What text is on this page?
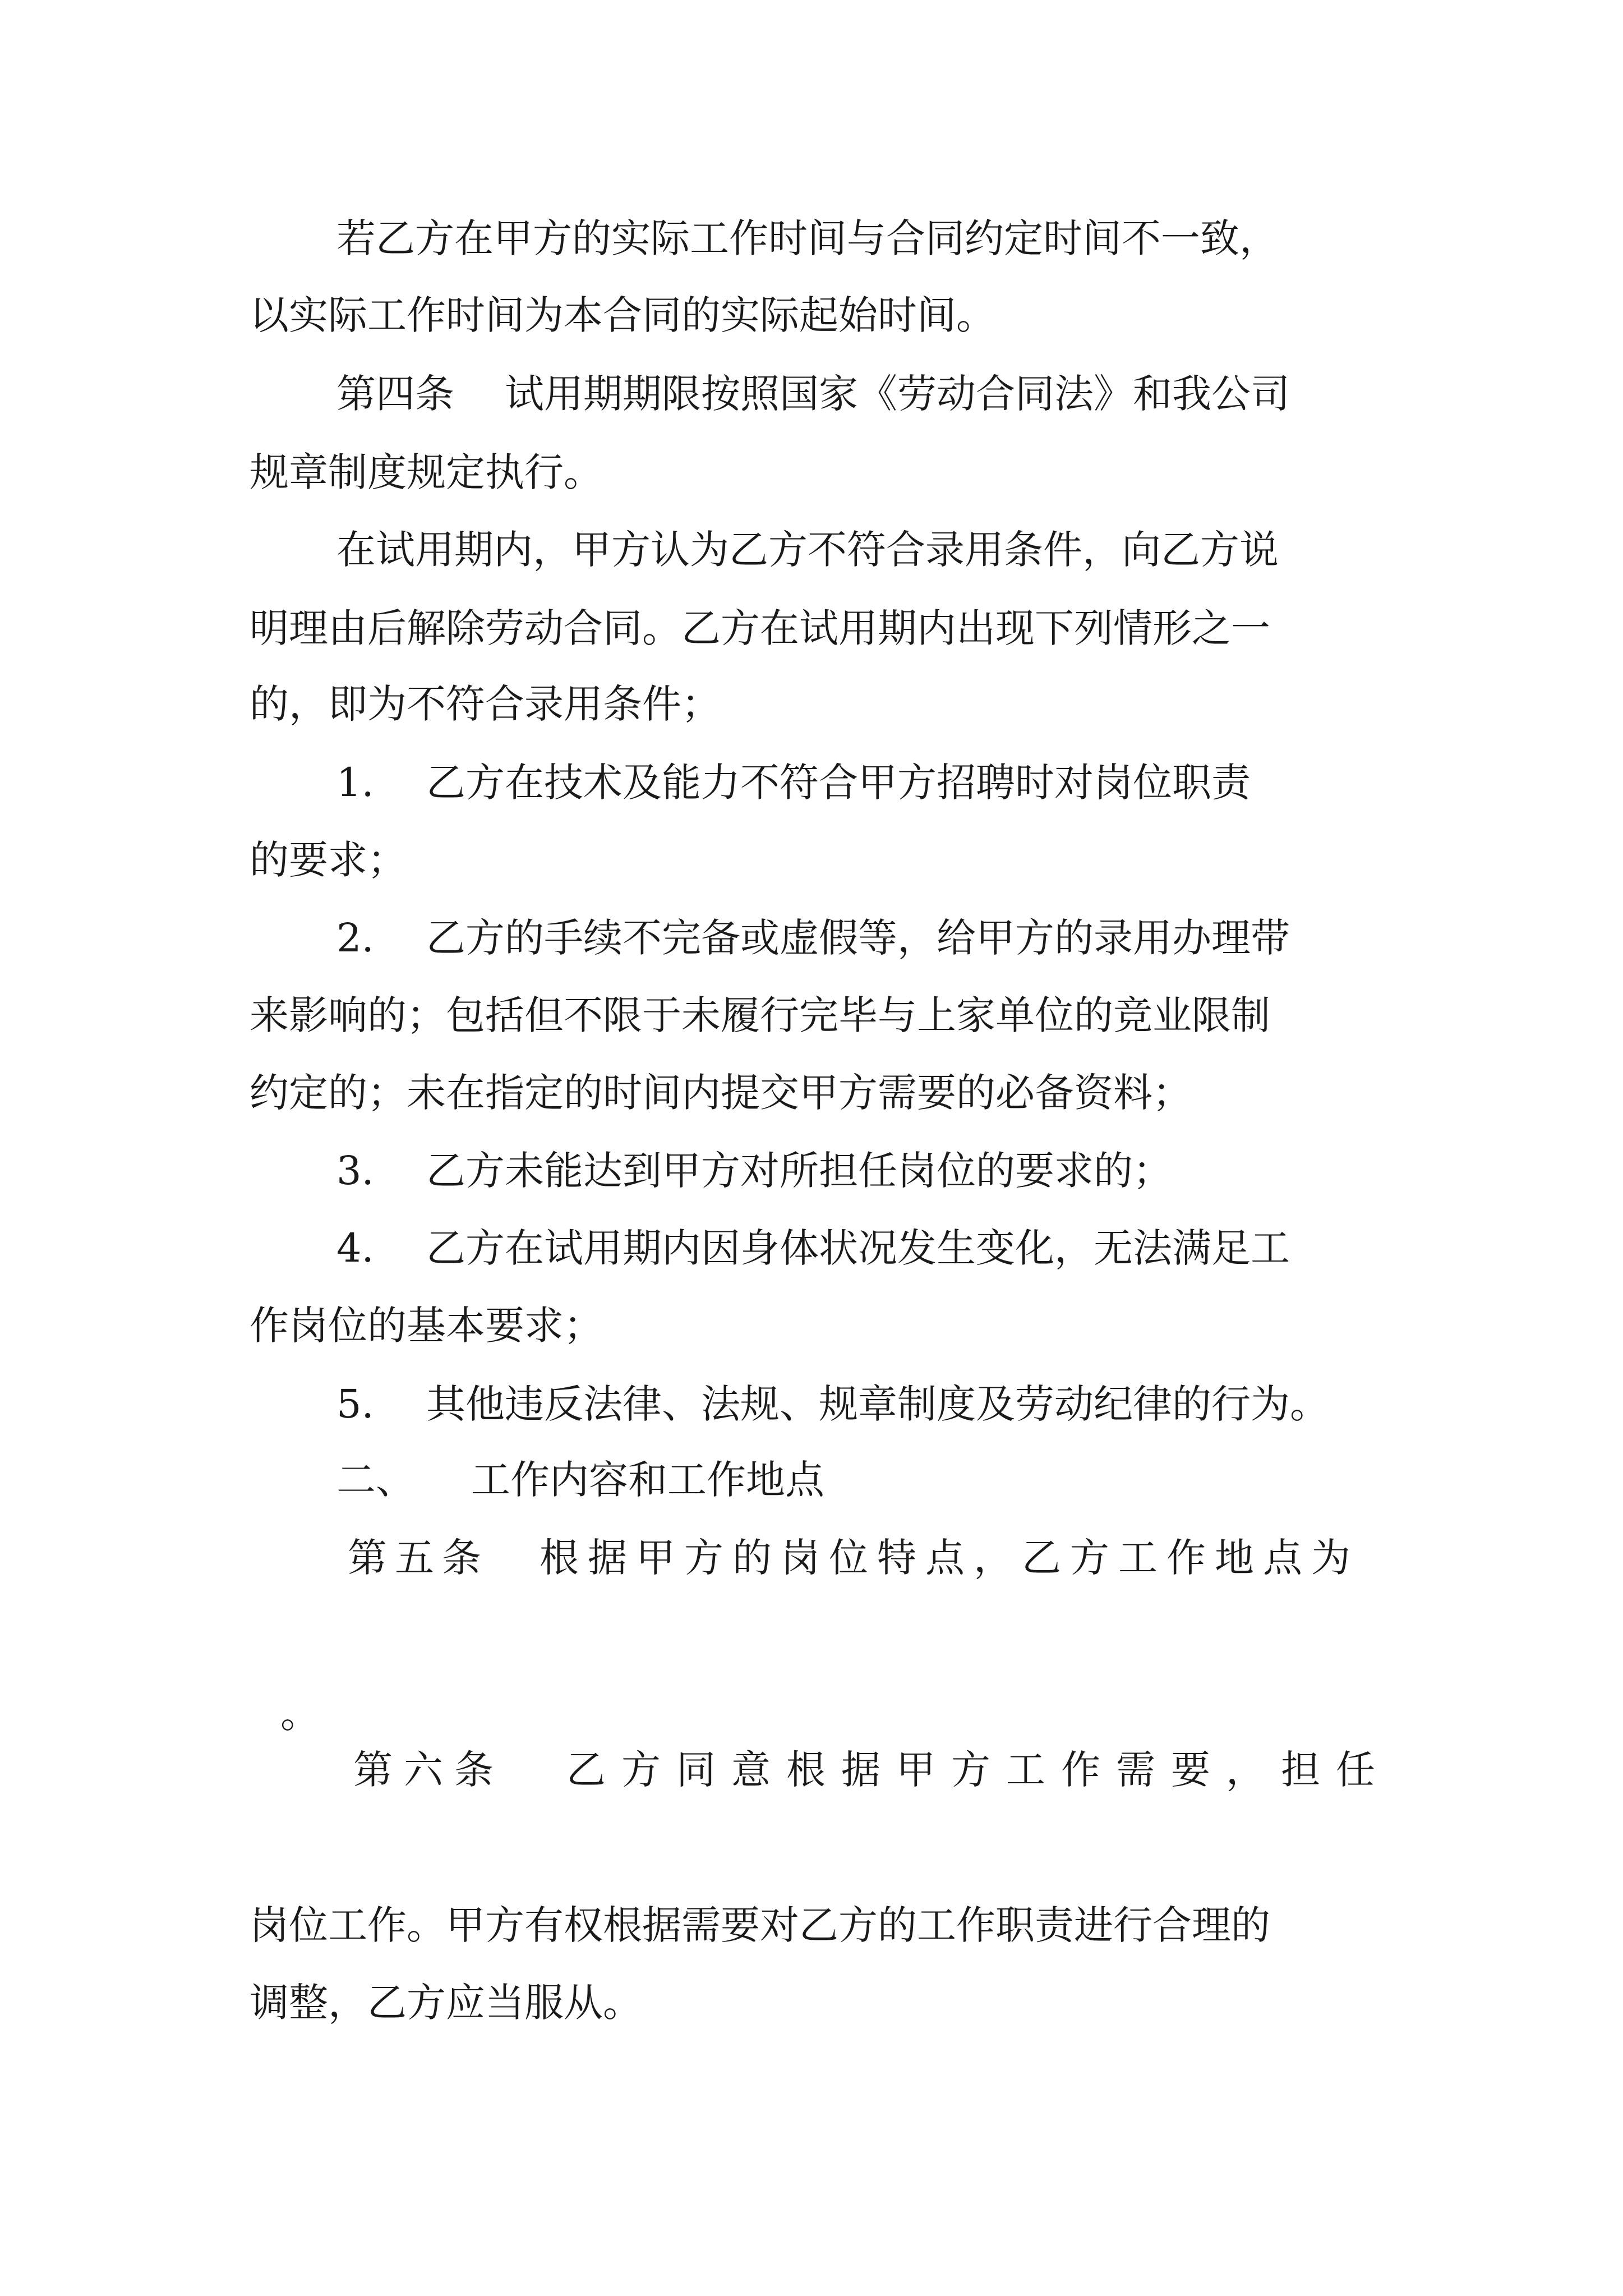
若乙方在甲方的实际工作时间与合同约定时间不一致，
以实际工作时间为本合同的实际起始时间。
第四条 试用期期限按照国家《劳动合同法》和我公司
规章制度规定执行。
在试用期内，甲方认为乙方不符合录用条件，向乙方说
明理由后解除劳动合同。乙方在试用期内出现下列情形之一
的，即为不符合录用条件；
1. 乙方在技术及能力不符合甲方招聘时对岗位职责
的要求；
2. 乙方的手续不完备或虚假等，给甲方的录用办理带
来影响的；包括但不限于未履行完毕与上家单位的竞业限制
约定的；未在指定的时间内提交甲方需要的必备资料；
3. 乙方未能达到甲方对所担任岗位的要求的；
4. 乙方在试用期内因身体状况发生变化，无法满足工
作岗位的基本要求；
5. 其他违反法律、法规、规章制度及劳动纪律的行为。
二、 工作内容和工作地点
第五条 根据甲方的岗位特点，乙方工作地点为
。
第六条 乙方同意根据甲方工作需要，担任
岗位工作。甲方有权根据需要对乙方的工作职责进行合理的
调整，乙方应当服从。
